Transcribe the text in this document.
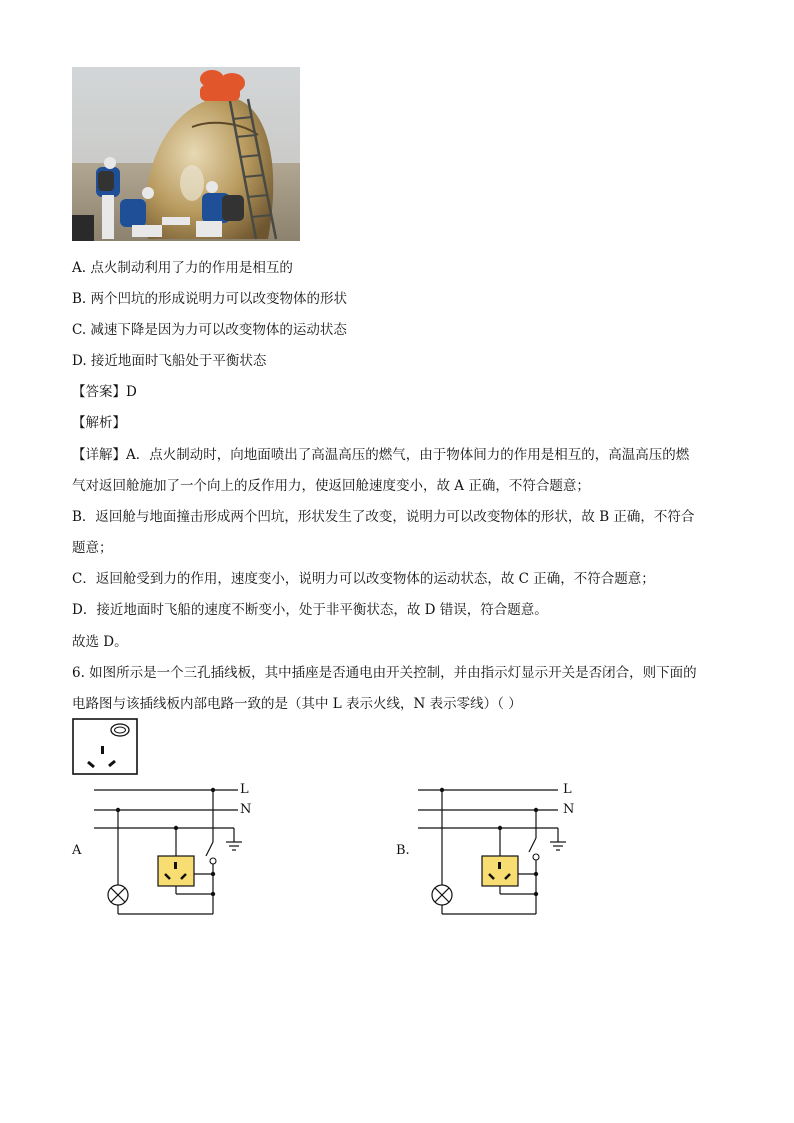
A. 点火制动利用了力的作用是相互的
B. 两个凹坑的形成说明力可以改变物体的形状
C. 减速下降是因为力可以改变物体的运动状态
D. 接近地面时飞船处于平衡状态
【答案】D
【解析】
【详解】A．点火制动时，向地面喷出了高温高压的燃气，由于物体间力的作用是相互的，高温高压的燃
气对返回舱施加了一个向上的反作用力，使返回舱速度变小，故 A 正确，不符合题意；
B．返回舱与地面撞击形成两个凹坑，形状发生了改变，说明力可以改变物体的形状，故 B 正确，不符合
题意；
C．返回舱受到力的作用，速度变小，说明力可以改变物体的运动状态，故 C 正确，不符合题意；
D．接近地面时飞船的速度不断变小，处于非平衡状态，故 D 错误，符合题意。
故选 D。
6. 如图所示是一个三孔插线板，其中插座是否通电由开关控制，并由指示灯显示开关是否闭合，则下面的
电路图与该插线板内部电路一致的是（其中 L 表示火线，N 表示零线）（ ）
A
L
N
B.
L
N
